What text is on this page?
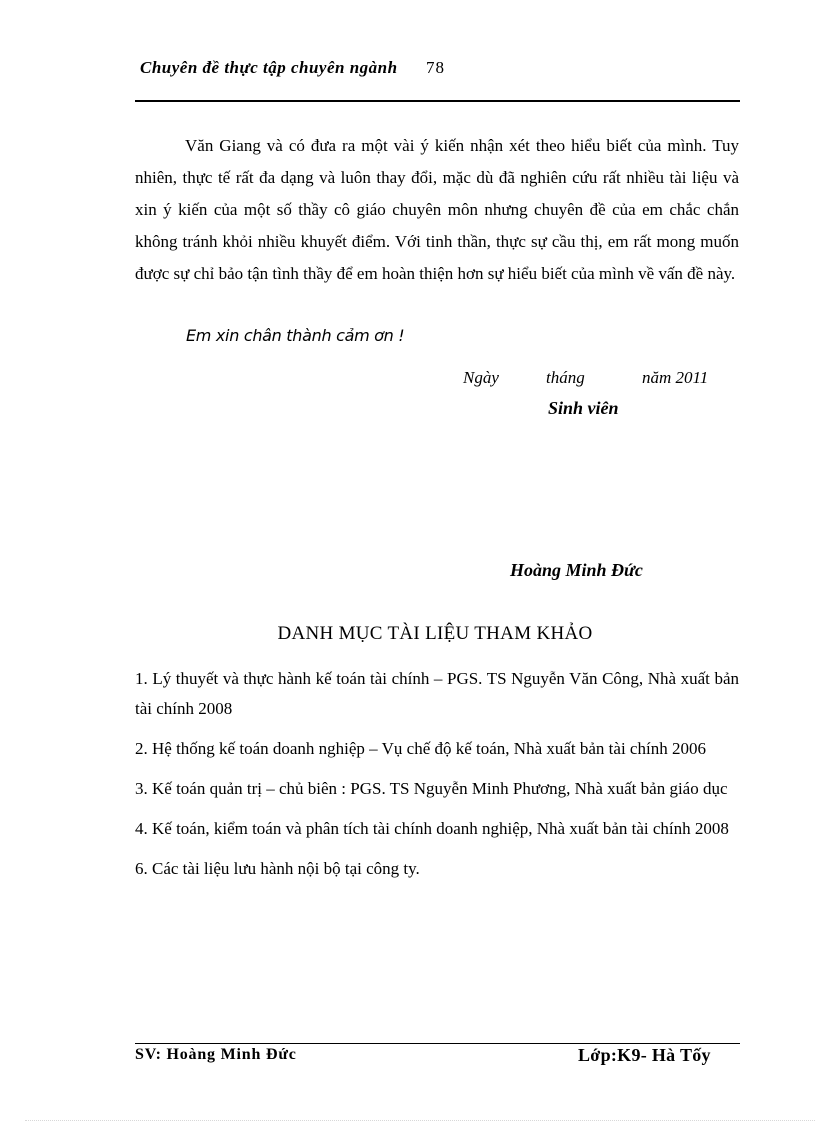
Chuyên đề thực tập chuyên ngành 78

Văn Giang và có đưa ra một vài ý kiến nhận xét theo hiểu biết của mình. Tuy nhiên, thực tế rất đa dạng và luôn thay đổi, mặc dù đã nghiên cứu rất nhiều tài liệu và xin ý kiến của một số thầy cô giáo chuyên môn nhưng chuyên đề của em chắc chắn không tránh khỏi nhiều khuyết điểm. Với tinh thần, thực sự cầu thị, em rất mong muốn được sự chỉ bảo tận tình thầy để em hoàn thiện hơn sự hiểu biết của mình về vấn đề này.

Em xin chân thành cảm ơn !
Ngày	tháng	năm 2011
Sinh viên
Hoàng Minh Đức
DANH MỤC TÀI LIỆU THAM KHẢO
1. Lý thuyết và thực hành kế toán tài chính – PGS. TS Nguyễn Văn Công, Nhà xuất bản tài chính 2008
2. Hệ thống kế toán doanh nghiệp – Vụ chế độ kế toán, Nhà xuất bản tài chính 2006
3. Kế toán quản trị – chủ biên : PGS. TS Nguyễn Minh Phương, Nhà xuất bản giáo dục
4. Kế toán, kiểm toán và phân tích tài chính doanh nghiệp, Nhà xuất bản tài chính 2008
6. Các tài liệu lưu hành nội bộ tại công ty.
SV: Hoàng Minh Đức	Lớp:K9- Hà Tốy
